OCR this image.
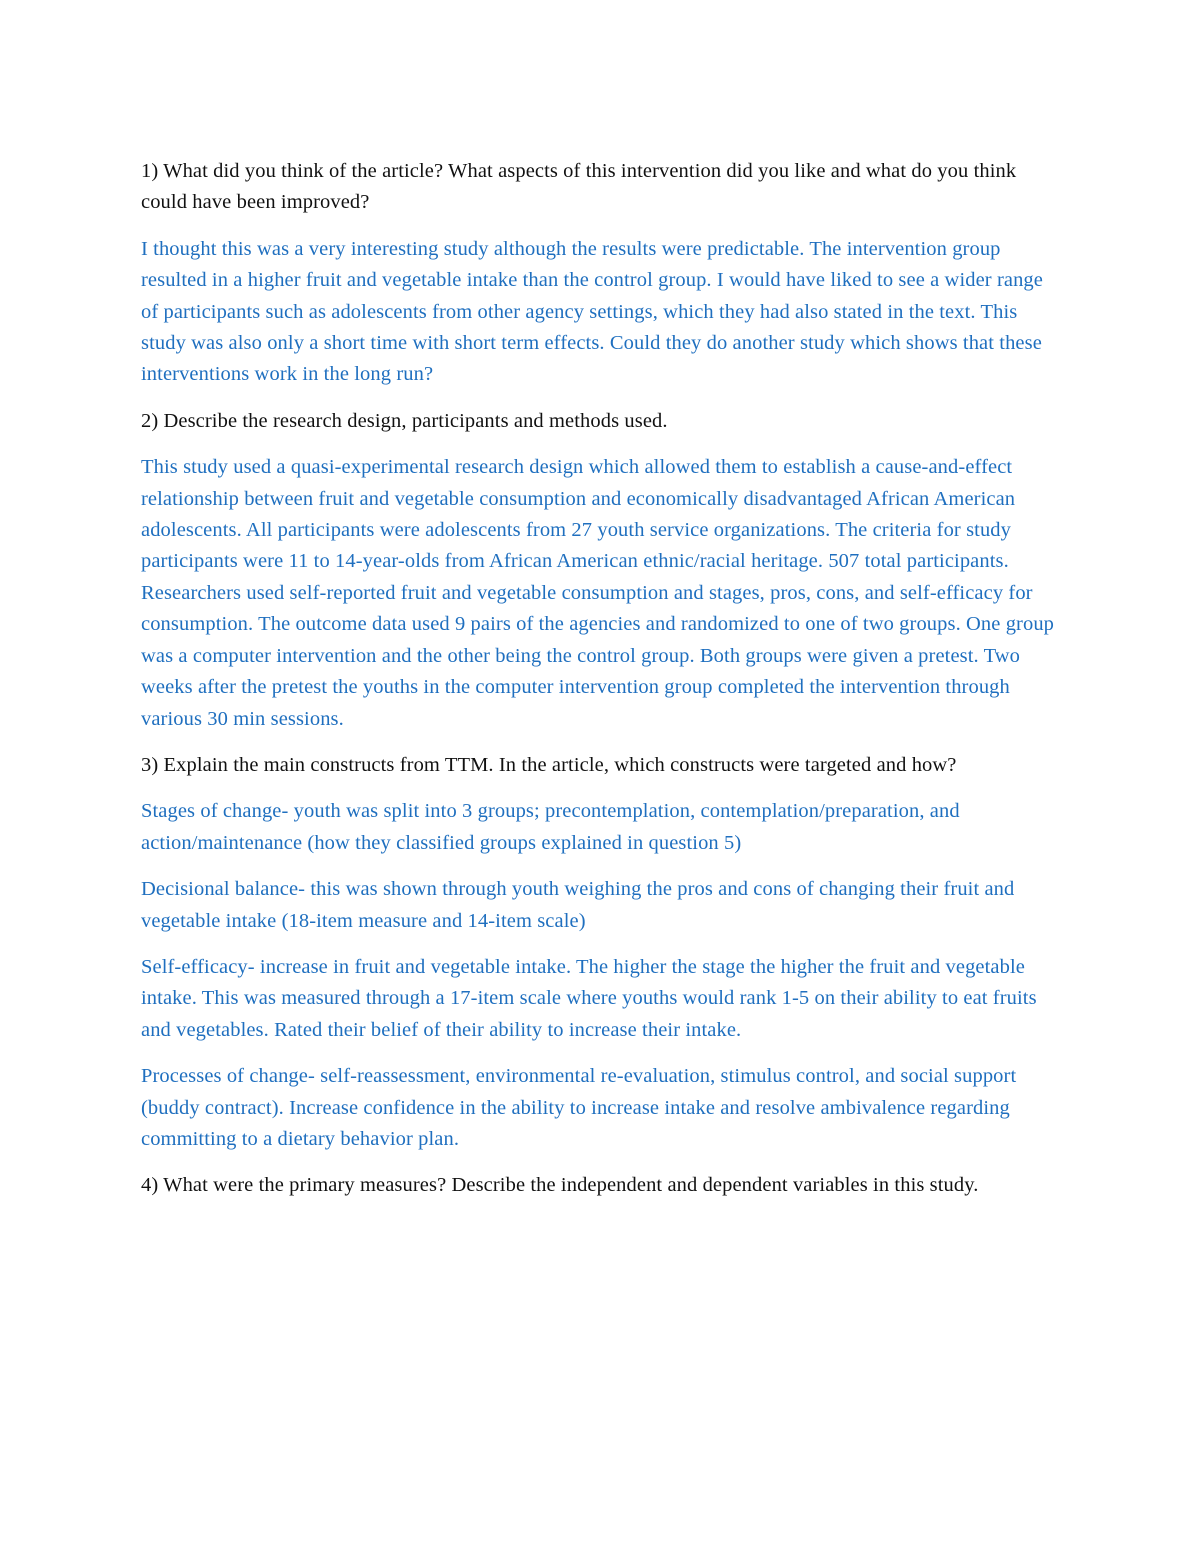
1) What did you think of the article? What aspects of this intervention did you like and what do you think could have been improved?

I thought this was a very interesting study although the results were predictable. The intervention group resulted in a higher fruit and vegetable intake than the control group. I would have liked to see a wider range of participants such as adolescents from other agency settings, which they had also stated in the text. This study was also only a short time with short term effects. Could they do another study which shows that these interventions work in the long run?

2) Describe the research design, participants and methods used.

This study used a quasi-experimental research design which allowed them to establish a cause-and-effect relationship between fruit and vegetable consumption and economically disadvantaged African American adolescents. All participants were adolescents from 27 youth service organizations. The criteria for study participants were 11 to 14-year-olds from African American ethnic/racial heritage. 507 total participants. Researchers used self-reported fruit and vegetable consumption and stages, pros, cons, and self-efficacy for consumption. The outcome data used 9 pairs of the agencies and randomized to one of two groups. One group was a computer intervention and the other being the control group. Both groups were given a pretest. Two weeks after the pretest the youths in the computer intervention group completed the intervention through various 30 min sessions.

3) Explain the main constructs from TTM. In the article, which constructs were targeted and how?

Stages of change- youth was split into 3 groups; precontemplation, contemplation/preparation, and action/maintenance (how they classified groups explained in question 5)

Decisional balance- this was shown through youth weighing the pros and cons of changing their fruit and vegetable intake (18-item measure and 14-item scale)

Self-efficacy- increase in fruit and vegetable intake. The higher the stage the higher the fruit and vegetable intake. This was measured through a 17-item scale where youths would rank 1-5 on their ability to eat fruits and vegetables. Rated their belief of their ability to increase their intake.

Processes of change- self-reassessment, environmental re-evaluation, stimulus control, and social support (buddy contract). Increase confidence in the ability to increase intake and resolve ambivalence regarding committing to a dietary behavior plan.

4) What were the primary measures? Describe the independent and dependent variables in this study.
